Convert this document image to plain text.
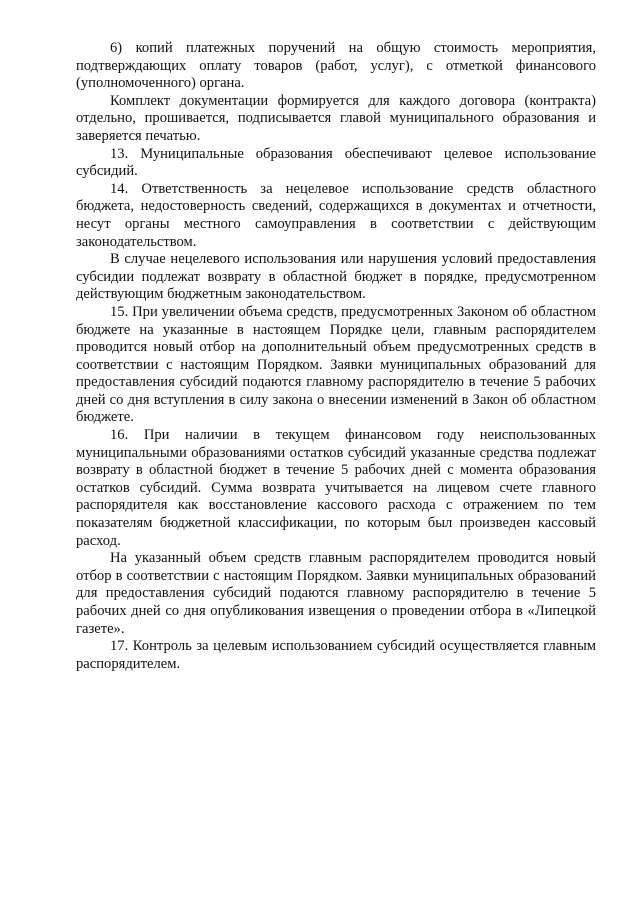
6) копий платежных поручений на общую стоимость мероприятия, подтверждающих оплату товаров (работ, услуг), с отметкой финансового (уполномоченного) органа.

Комплект документации формируется для каждого договора (контракта) отдельно, прошивается, подписывается главой муниципального образования и заверяется печатью.

13. Муниципальные образования обеспечивают целевое использование субсидий.

14. Ответственность за нецелевое использование средств областного бюджета, недостоверность сведений, содержащихся в документах и отчетности, несут органы местного самоуправления в соответствии с действующим законодательством.

В случае нецелевого использования или нарушения условий предоставления субсидии подлежат возврату в областной бюджет в порядке, предусмотренном действующим бюджетным законодательством.

15. При увеличении объема средств, предусмотренных Законом об областном бюджете на указанные в настоящем Порядке цели, главным распорядителем проводится новый отбор на дополнительный объем предусмотренных средств в соответствии с настоящим Порядком. Заявки муниципальных образований для предоставления субсидий подаются главному распорядителю в течение 5 рабочих дней со дня вступления в силу закона о внесении изменений в Закон об областном бюджете.

16. При наличии в текущем финансовом году неиспользованных муниципальными образованиями остатков субсидий указанные средства подлежат возврату в областной бюджет в течение 5 рабочих дней с момента образования остатков субсидий. Сумма возврата учитывается на лицевом счете главного распорядителя как восстановление кассового расхода с отражением по тем показателям бюджетной классификации, по которым был произведен кассовый расход.

На указанный объем средств главным распорядителем проводится новый отбор в соответствии с настоящим Порядком. Заявки муниципальных образований для предоставления субсидий подаются главному распорядителю в течение 5 рабочих дней со дня опубликования извещения о проведении отбора в «Липецкой газете».

17. Контроль за целевым использованием субсидий осуществляется главным распорядителем.
